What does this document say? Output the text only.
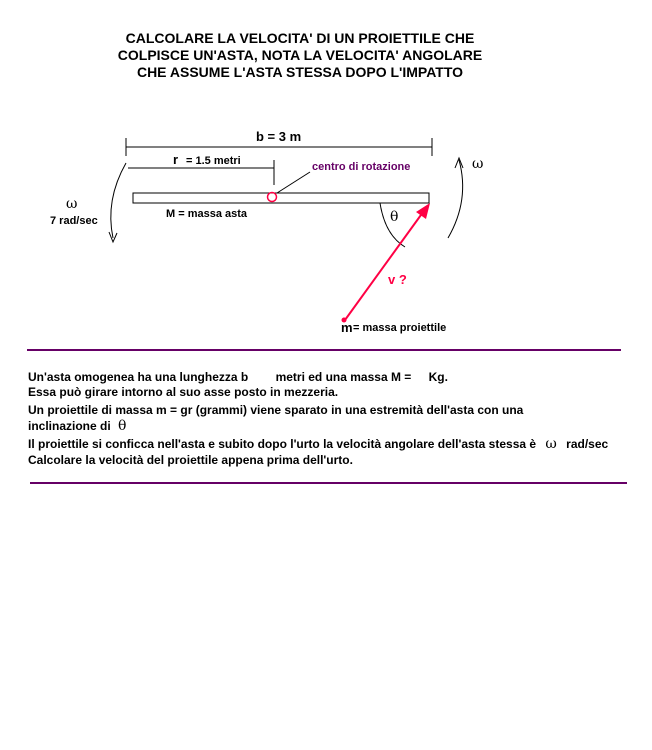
CALCOLARE LA VELOCITA' DI UN PROIETTILE CHE
COLPISCE UN'ASTA, NOTA LA VELOCITA' ANGOLARE
CHE ASSUME L'ASTA STESSA DOPO L'IMPATTO
b = 3 m
r = 1.5 metri	centro di rotazione
ω
7 rad/sec
ω
M = massa asta	θ
v ?
m = massa proiettile
Un'asta omogenea ha una lunghezza b metri ed una massa M = Kg.
Essa può girare intorno al suo asse posto in mezzeria.
Un proiettile di massa m = gr (grammi) viene sparato in una estremità dell'asta con una
inclinazione di θ
Il proiettile si conficca nell'asta e subito dopo l'urto la velocità angolare dell'asta stessa è ω rad/sec
Calcolare la velocità del proiettile appena prima dell'urto.
